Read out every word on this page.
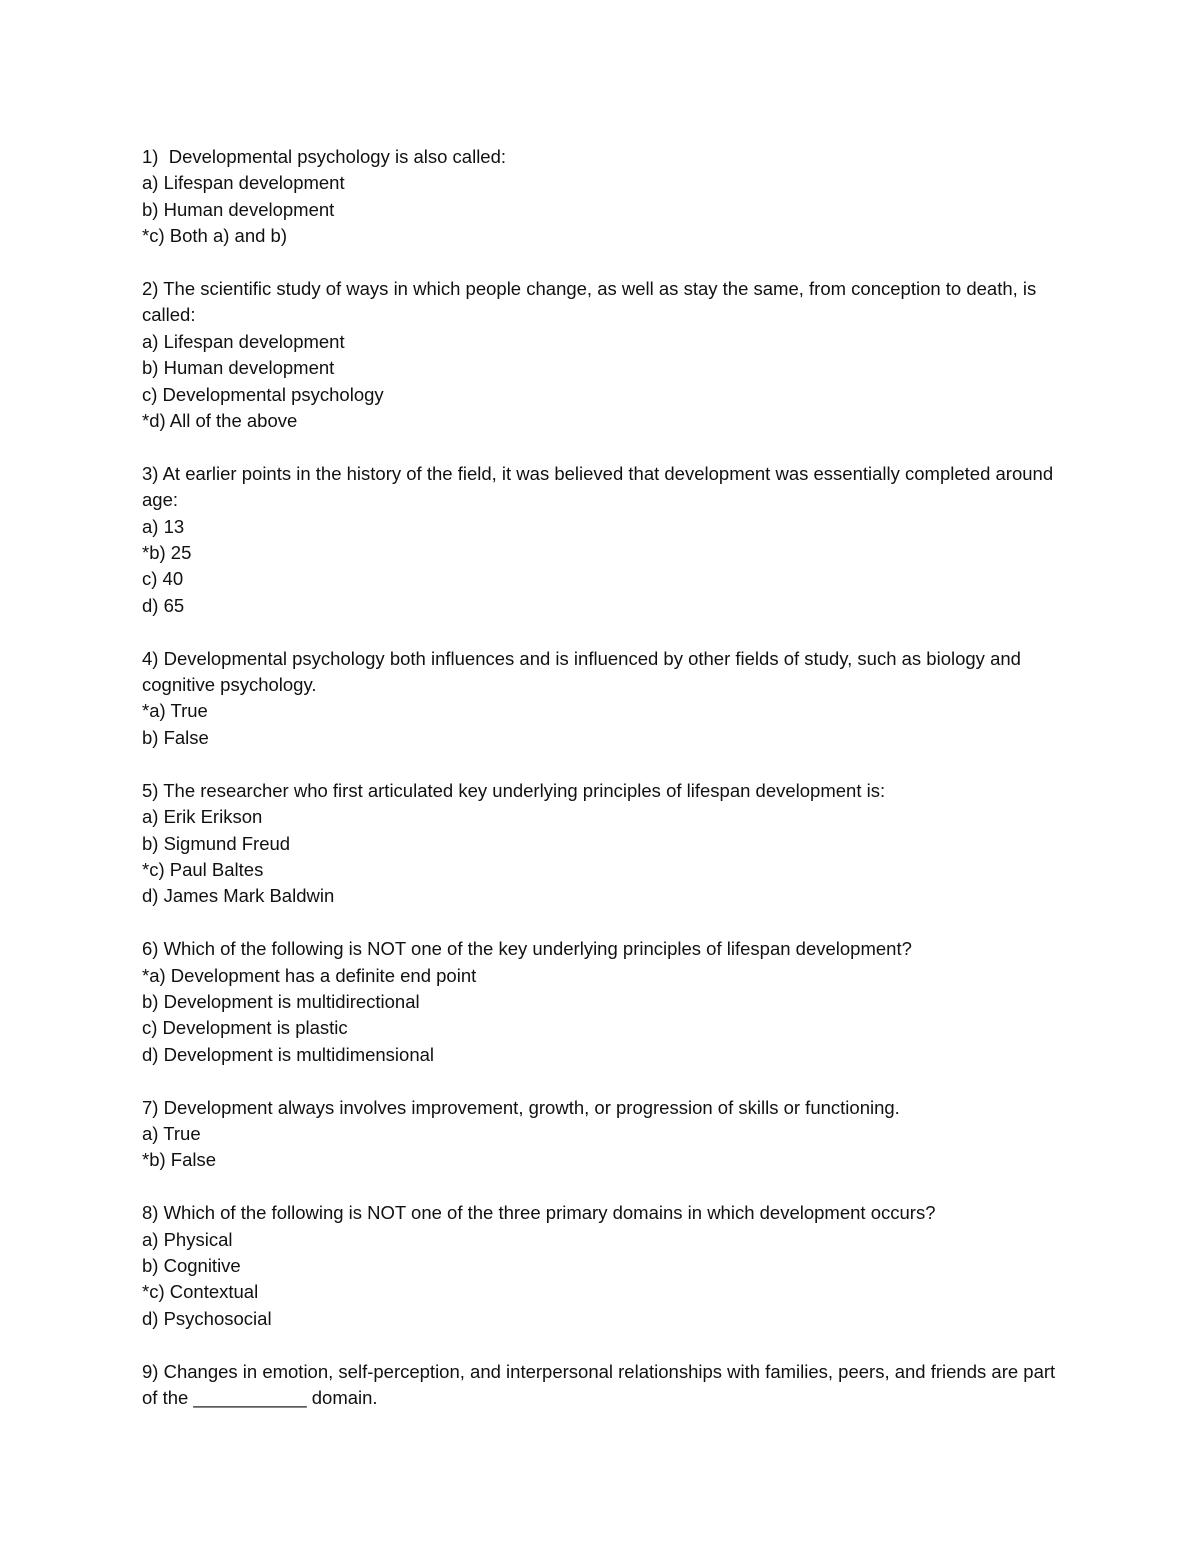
1)  Developmental psychology is also called:

a) Lifespan development

b) Human development

*c) Both a) and b)

2) The scientific study of ways in which people change, as well as stay the same, from conception to death, is called:

a) Lifespan development

b) Human development

c) Developmental psychology

*d) All of the above

3) At earlier points in the history of the field, it was believed that development was essentially completed around age:

a) 13

*b) 25

c) 40

d) 65

4) Developmental psychology both influences and is influenced by other fields of study, such as biology and cognitive psychology.

*a) True

b) False

5) The researcher who first articulated key underlying principles of lifespan development is:

a) Erik Erikson

b) Sigmund Freud

*c) Paul Baltes

d) James Mark Baldwin

6) Which of the following is NOT one of the key underlying principles of lifespan development?

*a) Development has a definite end point

b) Development is multidirectional

c) Development is plastic

d) Development is multidimensional

7) Development always involves improvement, growth, or progression of skills or functioning.

a) True

*b) False

8) Which of the following is NOT one of the three primary domains in which development occurs?

a) Physical

b) Cognitive

*c) Contextual

d) Psychosocial

9) Changes in emotion, self-perception, and interpersonal relationships with families, peers, and friends are part of the ___________ domain.
